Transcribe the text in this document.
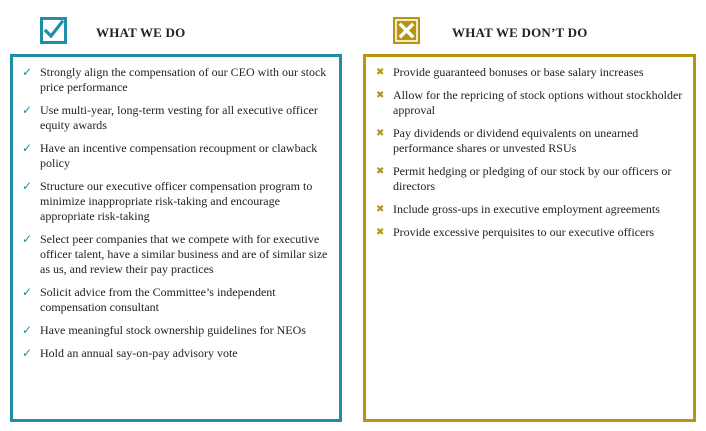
WHAT WE DO	WHAT WE DON’T DO
✓ Strongly align the compensation of our CEO with our stock price performance
✓ Use multi-year, long-term vesting for all executive officer equity awards
✓ Have an incentive compensation recoupment or clawback policy
✓ Structure our executive officer compensation program to minimize inappropriate risk-taking and encourage appropriate risk-taking
✓ Select peer companies that we compete with for executive officer talent, have a similar business and are of similar size as us, and review their pay practices
✓ Solicit advice from the Committee’s independent compensation consultant
✓ Have meaningful stock ownership guidelines for NEOs
✓ Hold an annual say-on-pay advisory vote
✖ Provide guaranteed bonuses or base salary increases
✖ Allow for the repricing of stock options without stockholder approval
✖ Pay dividends or dividend equivalents on unearned performance shares or unvested RSUs
✖ Permit hedging or pledging of our stock by our officers or directors
✖ Include gross-ups in executive employment agreements
✖ Provide excessive perquisites to our executive officers
